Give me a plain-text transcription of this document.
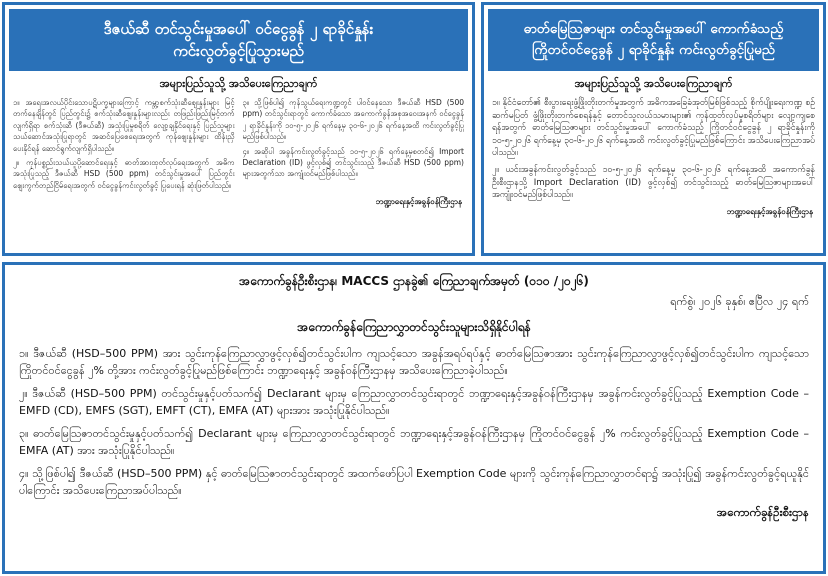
ဒီဇယ်ဆီ တင်သွင်းမှုအပေါ် ဝင်ငွေခွန် ၂ ရာခိုင်နှုန်း
ကင်းလွတ်ခွင့်ပြုသွားမည်
အများပြည်သူသို့ အသိပေးကြေညာချက်

၁။ အရေးအလယ်ပိုင်းသောပဋိပက္ခများကြောင့် ကမ္ဘာ့စက်သုံးဆီဈေးနှုန်းများ မြင့်တက်နေချိန်တွင် ပြည်တွင်း၌ စက်သုံးဆီဈေးနှုန်းများလည်း တဖြည်းဖြည်းမြင့်တက်လျက်ရှိရာ စက်သုံးဆီ (ဒီဇယ်ဆီ) အသုံးပြုမှုစရိတ် လျော့ချနိုင်ရေးနှင့် ပြည်သူများ သယ်ဆောင်အသုံးပြုရာတွင် အဆင်ပြေစေရေးအတွက် ကုန်ဈေးနှုန်းများ ထိန်းညှိပေးနိုင်ရန် ဆောင်ရွက်လျက်ရှိပါသည်။

၂။ ကုန်ပစ္စည်းသယ်ယူပို့ဆောင်ရေးနှင့် ဓာတ်အားထုတ်လုပ်ရေးအတွက် အဓိကအသုံးပြုသည့် ဒီဇယ်ဆီ HSD (500 ppm) တင်သွင်းမှုအပေါ် ပြည်တွင်းဈေးကွက်တည်ငြိမ်ရေးအတွက် ဝင်ငွေခွန်ကင်းလွတ်ခွင့် ပြုပေးရန် ဆုံးဖြတ်ပါသည်။

၃။ သို့ဖြစ်ပါ၍ ကုန်သွယ်ရေးကဏ္ဍတွင် ပါဝင်နေသော ဒီဇယ်ဆီ HSD (500 ppm) တင်သွင်းရာတွင် ကောက်ခံသော အကောက်ခွန်အစုအဝေးအနက် ဝင်ငွေခွန် ၂ ရာခိုင်နှုန်းကို ၁၀-၅-၂၀၂၆ ရက်နေ့မှ ၃၀-၆-၂၀၂၆ ရက်နေ့အထိ ကင်းလွတ်ခွင့်ပြုမည်ဖြစ်ပါသည်။

၄။ အဆိုပါ အခွန်ကင်းလွတ်ခွင့်သည် ၁၀-၅-၂၀၂၆ ရက်နေ့မှစတင်၍ Import Declaration (ID) ဖွင့်လှစ်၍ တင်သွင်းသည့် ဒီဇယ်ဆီ HSD (500 ppm) များအတွက်သာ အကျုံးဝင်မည်ဖြစ်ပါသည်။

ဘဏ္ဍာရေးနှင့်အခွန်ဝန်ကြီးဌာန
ဓာတ်မြေဩဇာများ တင်သွင်းမှုအပေါ် ကောက်ခံသည့်
ကြိုတင်ဝင်ငွေခွန် ၂ ရာခိုင်နှုန်း ကင်းလွတ်ခွင့်ပြုမည်
အများပြည်သူသို့ အသိပေးကြေညာချက်

၁။ နိုင်ငံတော်၏ စီးပွားရေးဖွံ့ဖြိုးတိုးတက်မှုအတွက် အဓိကအခြေခံအုတ်မြစ်ဖြစ်သည့် စိုက်ပျိုးရေးကဏ္ဍ စဉ်ဆက်မပြတ် ဖွံ့ဖြိုးတိုးတက်စေရန်နှင့် တောင်သူလယ်သမားများ၏ ကုန်ထုတ်လုပ်မှုစရိတ်များ လျော့ကျစေရန်အတွက် ဓာတ်မြေဩဇာများ တင်သွင်းမှုအပေါ် ကောက်ခံသည့် ကြိုတင်ဝင်ငွေခွန် ၂ ရာခိုင်နှုန်းကို ၁၀-၅-၂၀၂၆ ရက်နေ့မှ ၃၀-၆-၂၀၂၆ ရက်နေ့အထိ ကင်းလွတ်ခွင့်ပြုမည်ဖြစ်ကြောင်း အသိပေးကြေညာအပ်ပါသည်။

၂။ ယင်းအခွန်ကင်းလွတ်ခွင့်သည် ၁၀-၅-၂၀၂၆ ရက်နေ့မှ ၃၀-၆-၂၀၂၆ ရက်နေ့အထိ အကောက်ခွန်ဦးစီးဌာနသို့ Import Declaration (ID) ဖွင့်လှစ်၍ တင်သွင်းသည့် ဓာတ်မြေဩဇာများအပေါ် အကျုံးဝင်မည်ဖြစ်ပါသည်။

ဘဏ္ဍာရေးနှင့်အခွန်ဝန်ကြီးဌာန
အကောက်ခွန်ဦးစီးဌာန၊ MACCS ဌာနခွဲ၏ ကြေညာချက်အမှတ် (၀၁၀ /၂၀၂၆)
ရက်စွဲ၊ ၂၀၂၆ ခုနှစ်၊ ဧပြီလ ၂၄ ရက်
အကောက်ခွန်ကြေညာလွှာတင်သွင်းသူများသိရှိနိုင်ပါရန်

၁။ ဒီဇယ်ဆီ (HSD–500 PPM) အား သွင်းကုန်ကြေညာလွှာဖွင့်လှစ်၍တင်သွင်းပါက ကျသင့်သော အခွန်အရပ်ရပ်နှင့် ဓာတ်မြေဩဇာအား သွင်းကုန်ကြေညာလွှာဖွင့်လှစ်၍တင်သွင်းပါက ကျသင့်သော ကြိုတင်ဝင်ငွေခွန် ၂% တို့အား ကင်းလွတ်ခွင့်ပြုမည်ဖြစ်ကြောင်း ဘဏ္ဍာရေးနှင့် အခွန်ဝန်ကြီးဌာနမှ အသိပေးကြေညာခဲ့ပါသည်။

၂။ ဒီဇယ်ဆီ (HSD–500 PPM) တင်သွင်းမှုနှင့်ပတ်သက်၍ Declarant များမှ ကြေညာလွှာတင်သွင်းရာတွင် ဘဏ္ဍာရေးနှင့်အခွန်ဝန်ကြီးဌာနမှ အခွန်ကင်းလွတ်ခွင့်ပြုသည့် Exemption Code – EMFD (CD), EMFS (SGT), EMFT (CT), EMFA (AT) များအား အသုံးပြုနိုင်ပါသည်။

၃။ ဓာတ်မြေဩဇာတင်သွင်းမှုနှင့်ပတ်သက်၍ Declarant များမှ ကြေညာလွှာတင်သွင်းရာတွင် ဘဏ္ဍာရေးနှင့်အခွန်ဝန်ကြီးဌာနမှ ကြိုတင်ဝင်ငွေခွန် ၂% ကင်းလွတ်ခွင့်ပြုသည့် Exemption Code – EMFA (AT) အား အသုံးပြုနိုင်ပါသည်။

၄။ သို့ဖြစ်ပါ၍ ဒီဇယ်ဆီ (HSD–500 PPM) နှင့် ဓာတ်မြေဩဇာတင်သွင်းရာတွင် အထက်ဖော်ပြပါ Exemption Code များကို သွင်းကုန်ကြေညာလွှာတင်ရာ၌ အသုံးပြု၍ အခွန်ကင်းလွတ်ခွင့်ရယူနိုင်ပါကြောင်း အသိပေးကြေညာအပ်ပါသည်။

အကောက်ခွန်ဦးစီးဌာန
